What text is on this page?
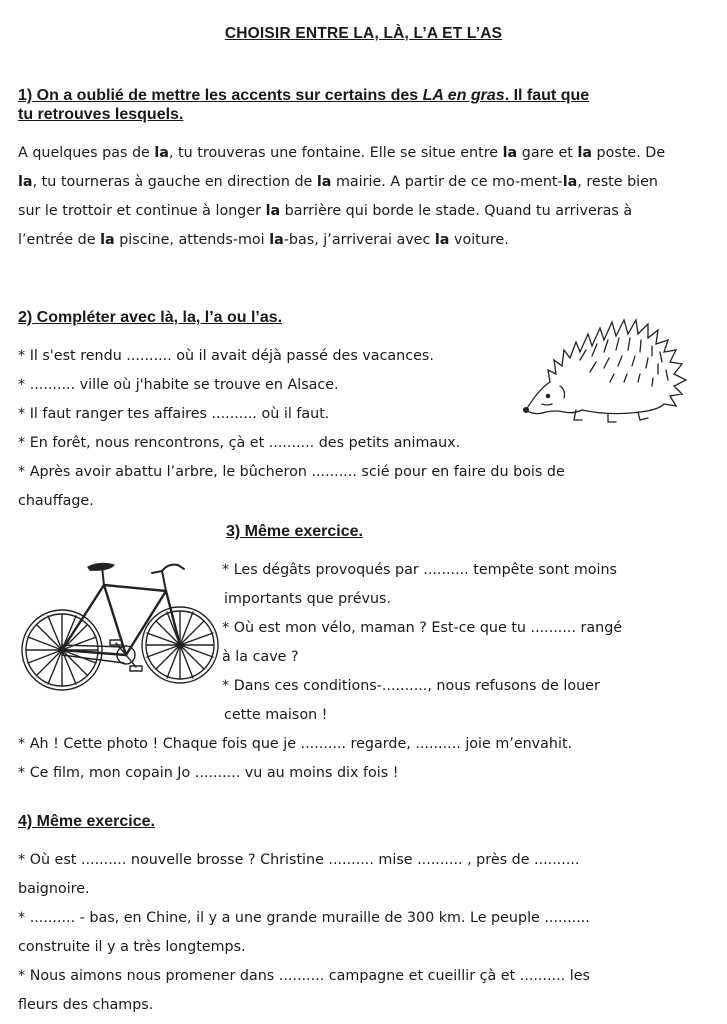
CHOISIR ENTRE LA, LÀ, L’A ET L’AS
1) On a oublié de mettre les accents sur certains des LA en gras. Il faut que
tu retrouves lesquels.
A quelques pas de la, tu trouveras une fontaine. Elle se situe entre la gare et la poste. De la, tu tourneras à gauche en direction de la mairie. A partir de ce mo-ment-la, reste bien sur le trottoir et continue à longer la barrière qui borde le stade. Quand tu arriveras à l’entrée de la piscine, attends-moi la-bas, j’arriverai avec la voiture.
2) Compléter avec là, la, l’a ou l’as.
* Il s'est rendu .......... où il avait déjà passé des vacances.
* .......... ville où j'habite se trouve en Alsace.
* Il faut ranger tes affaires .......... où il faut.
* En forêt, nous rencontrons, çà et .......... des petits animaux.
* Après avoir abattu l’arbre, le bûcheron .......... scié pour en faire du bois de
chauffage.
3) Même exercice.
* Les dégâts provoqués par .......... tempête sont moins
importants que prévus.
* Où est mon vélo, maman ? Est-ce que tu .......... rangé
à la cave ?
* Dans ces conditions-.........., nous refusons de louer
cette maison !
* Ah ! Cette photo ! Chaque fois que je .......... regarde, .......... joie m’envahit.
* Ce film, mon copain Jo .......... vu au moins dix fois !
4) Même exercice.
* Où est .......... nouvelle brosse ? Christine .......... mise .......... , près de ..........
baignoire.
* .......... - bas, en Chine, il y a une grande muraille de 300 km. Le peuple ..........
construite il y a très longtemps.
* Nous aimons nous promener dans .......... campagne et cueillir çà et .......... les
fleurs des champs.
